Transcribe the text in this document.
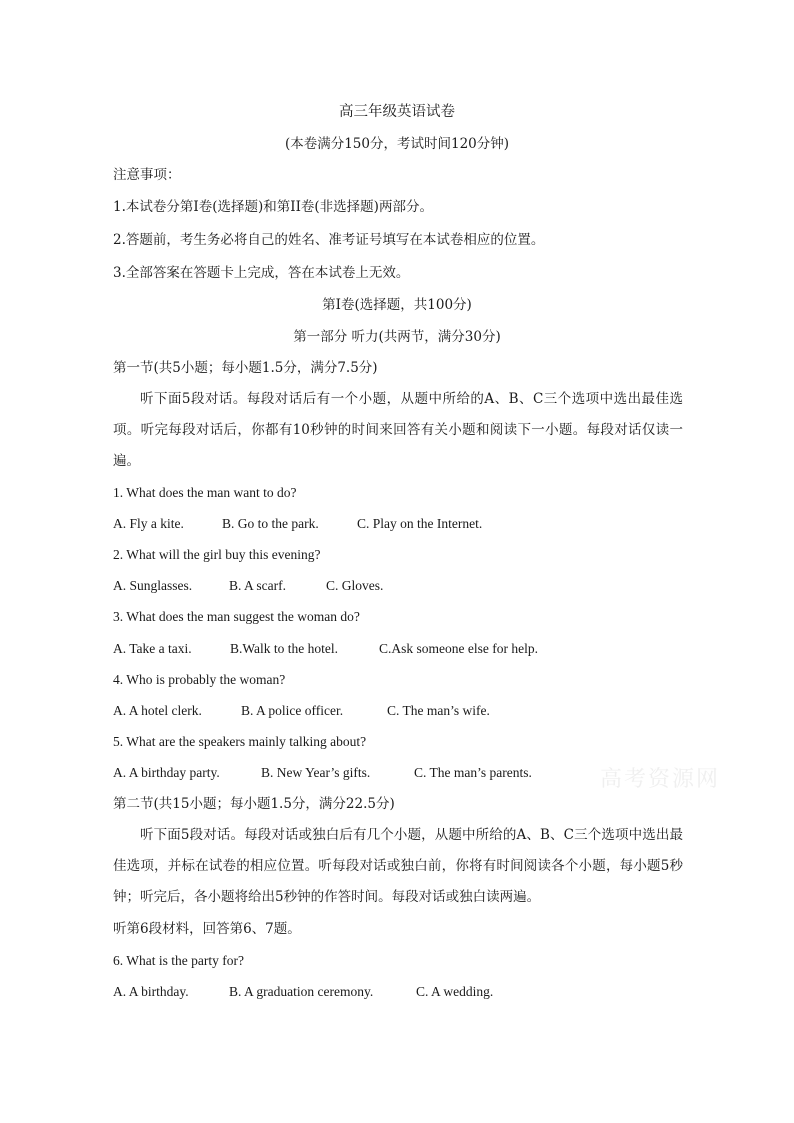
高三年级英语试卷
(本卷满分150分，考试时间120分钟)
注意事项：
1.本试卷分第Ⅰ卷(选择题)和第II卷(非选择题)两部分。
2.答题前，考生务必将自己的姓名、准考证号填写在本试卷相应的位置。
3.全部答案在答题卡上完成，答在本试卷上无效。
第Ⅰ卷(选择题，共100分)
第一部分 听力(共两节，满分30分)
第一节(共5小题；每小题1.5分，满分7.5分)
听下面5段对话。每段对话后有一个小题，从题中所给的A、B、C三个选项中选出最佳选项。听完每段对话后，你都有10秒钟的时间来回答有关小题和阅读下一小题。每段对话仅读一遍。
1. What does the man want to do?
A. Fly a kite.	B. Go to the park.	C. Play on the Internet.
2. What will the girl buy this evening?
A. Sunglasses.	B. A scarf.	C. Gloves.
3. What does the man suggest the woman do?
A. Take a taxi.	B.Walk to the hotel.	C.Ask someone else for help.
4. Who is probably the woman?
A. A hotel clerk.	B. A police officer.	C. The man’s wife.
5. What are the speakers mainly talking about?
A. A birthday party.	B. New Year’s gifts.	C. The man’s parents.
第二节(共15小题；每小题1.5分，满分22.5分)
听下面5段对话。每段对话或独白后有几个小题，从题中所给的A、B、C三个选项中选出最佳选项，并标在试卷的相应位置。听每段对话或独白前，你将有时间阅读各个小题，每小题5秒钟；听完后，各小题将给出5秒钟的作答时间。每段对话或独白读两遍。
听第6段材料，回答第6、7题。
6. What is the party for?
A. A birthday.	B. A graduation ceremony.	C. A wedding.
高考资源网
